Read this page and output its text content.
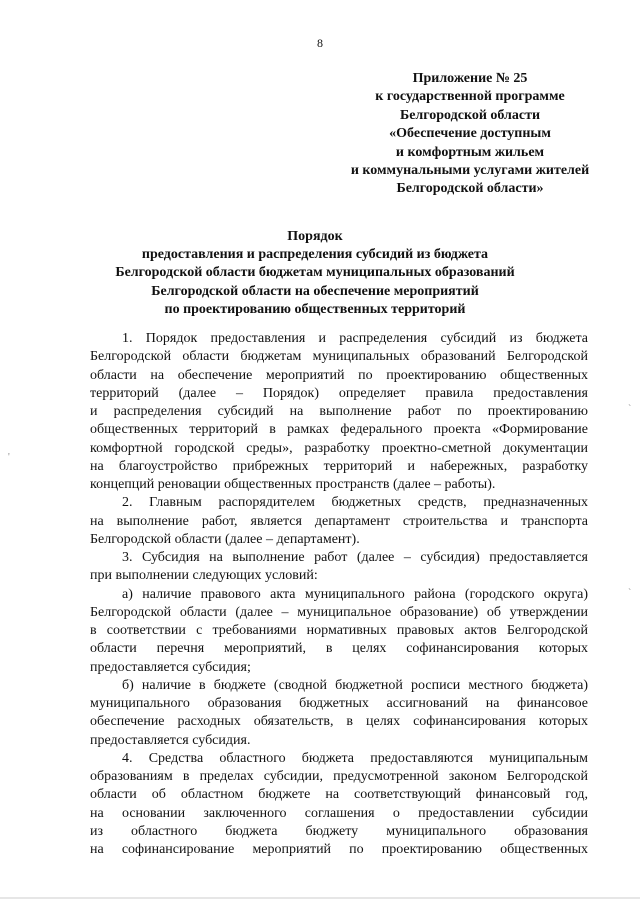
8
Приложение № 25
к государственной программе
Белгородской области
«Обеспечение доступным
и комфортным жильем
и коммунальными услугами жителей
Белгородской области»
Порядок
предоставления и распределения субсидий из бюджета
Белгородской области бюджетам муниципальных образований
Белгородской области на обеспечение мероприятий
по проектированию общественных территорий
1. Порядок предоставления и распределения субсидий из бюджета
Белгородской области бюджетам муниципальных образований Белгородской
области на обеспечение мероприятий по проектированию общественных
территорий (далее – Порядок) определяет правила предоставления
и распределения субсидий на выполнение работ по проектированию
общественных территорий в рамках федерального проекта «Формирование
комфортной городской среды», разработку проектно-сметной документации
на благоустройство прибрежных территорий и набережных, разработку
концепций реновации общественных пространств (далее – работы).
2. Главным распорядителем бюджетных средств, предназначенных
на выполнение работ, является департамент строительства и транспорта
Белгородской области (далее – департамент).
3. Субсидия на выполнение работ (далее – субсидия) предоставляется
при выполнении следующих условий:
а) наличие правового акта муниципального района (городского округа)
Белгородской области (далее – муниципальное образование) об утверждении
в соответствии с требованиями нормативных правовых актов Белгородской
области перечня мероприятий, в целях софинансирования которых
предоставляется субсидия;
б) наличие в бюджете (сводной бюджетной росписи местного бюджета)
муниципального образования бюджетных ассигнований на финансовое
обеспечение расходных обязательств, в целях софинансирования которых
предоставляется субсидия.
4. Средства областного бюджета предоставляются муниципальным
образованиям в пределах субсидии, предусмотренной законом Белгородской
области об областном бюджете на соответствующий финансовый год,
на основании заключенного соглашения о предоставлении субсидии
из областного бюджета бюджету муниципального образования
на софинансирование мероприятий по проектированию общественных
`
`
'
